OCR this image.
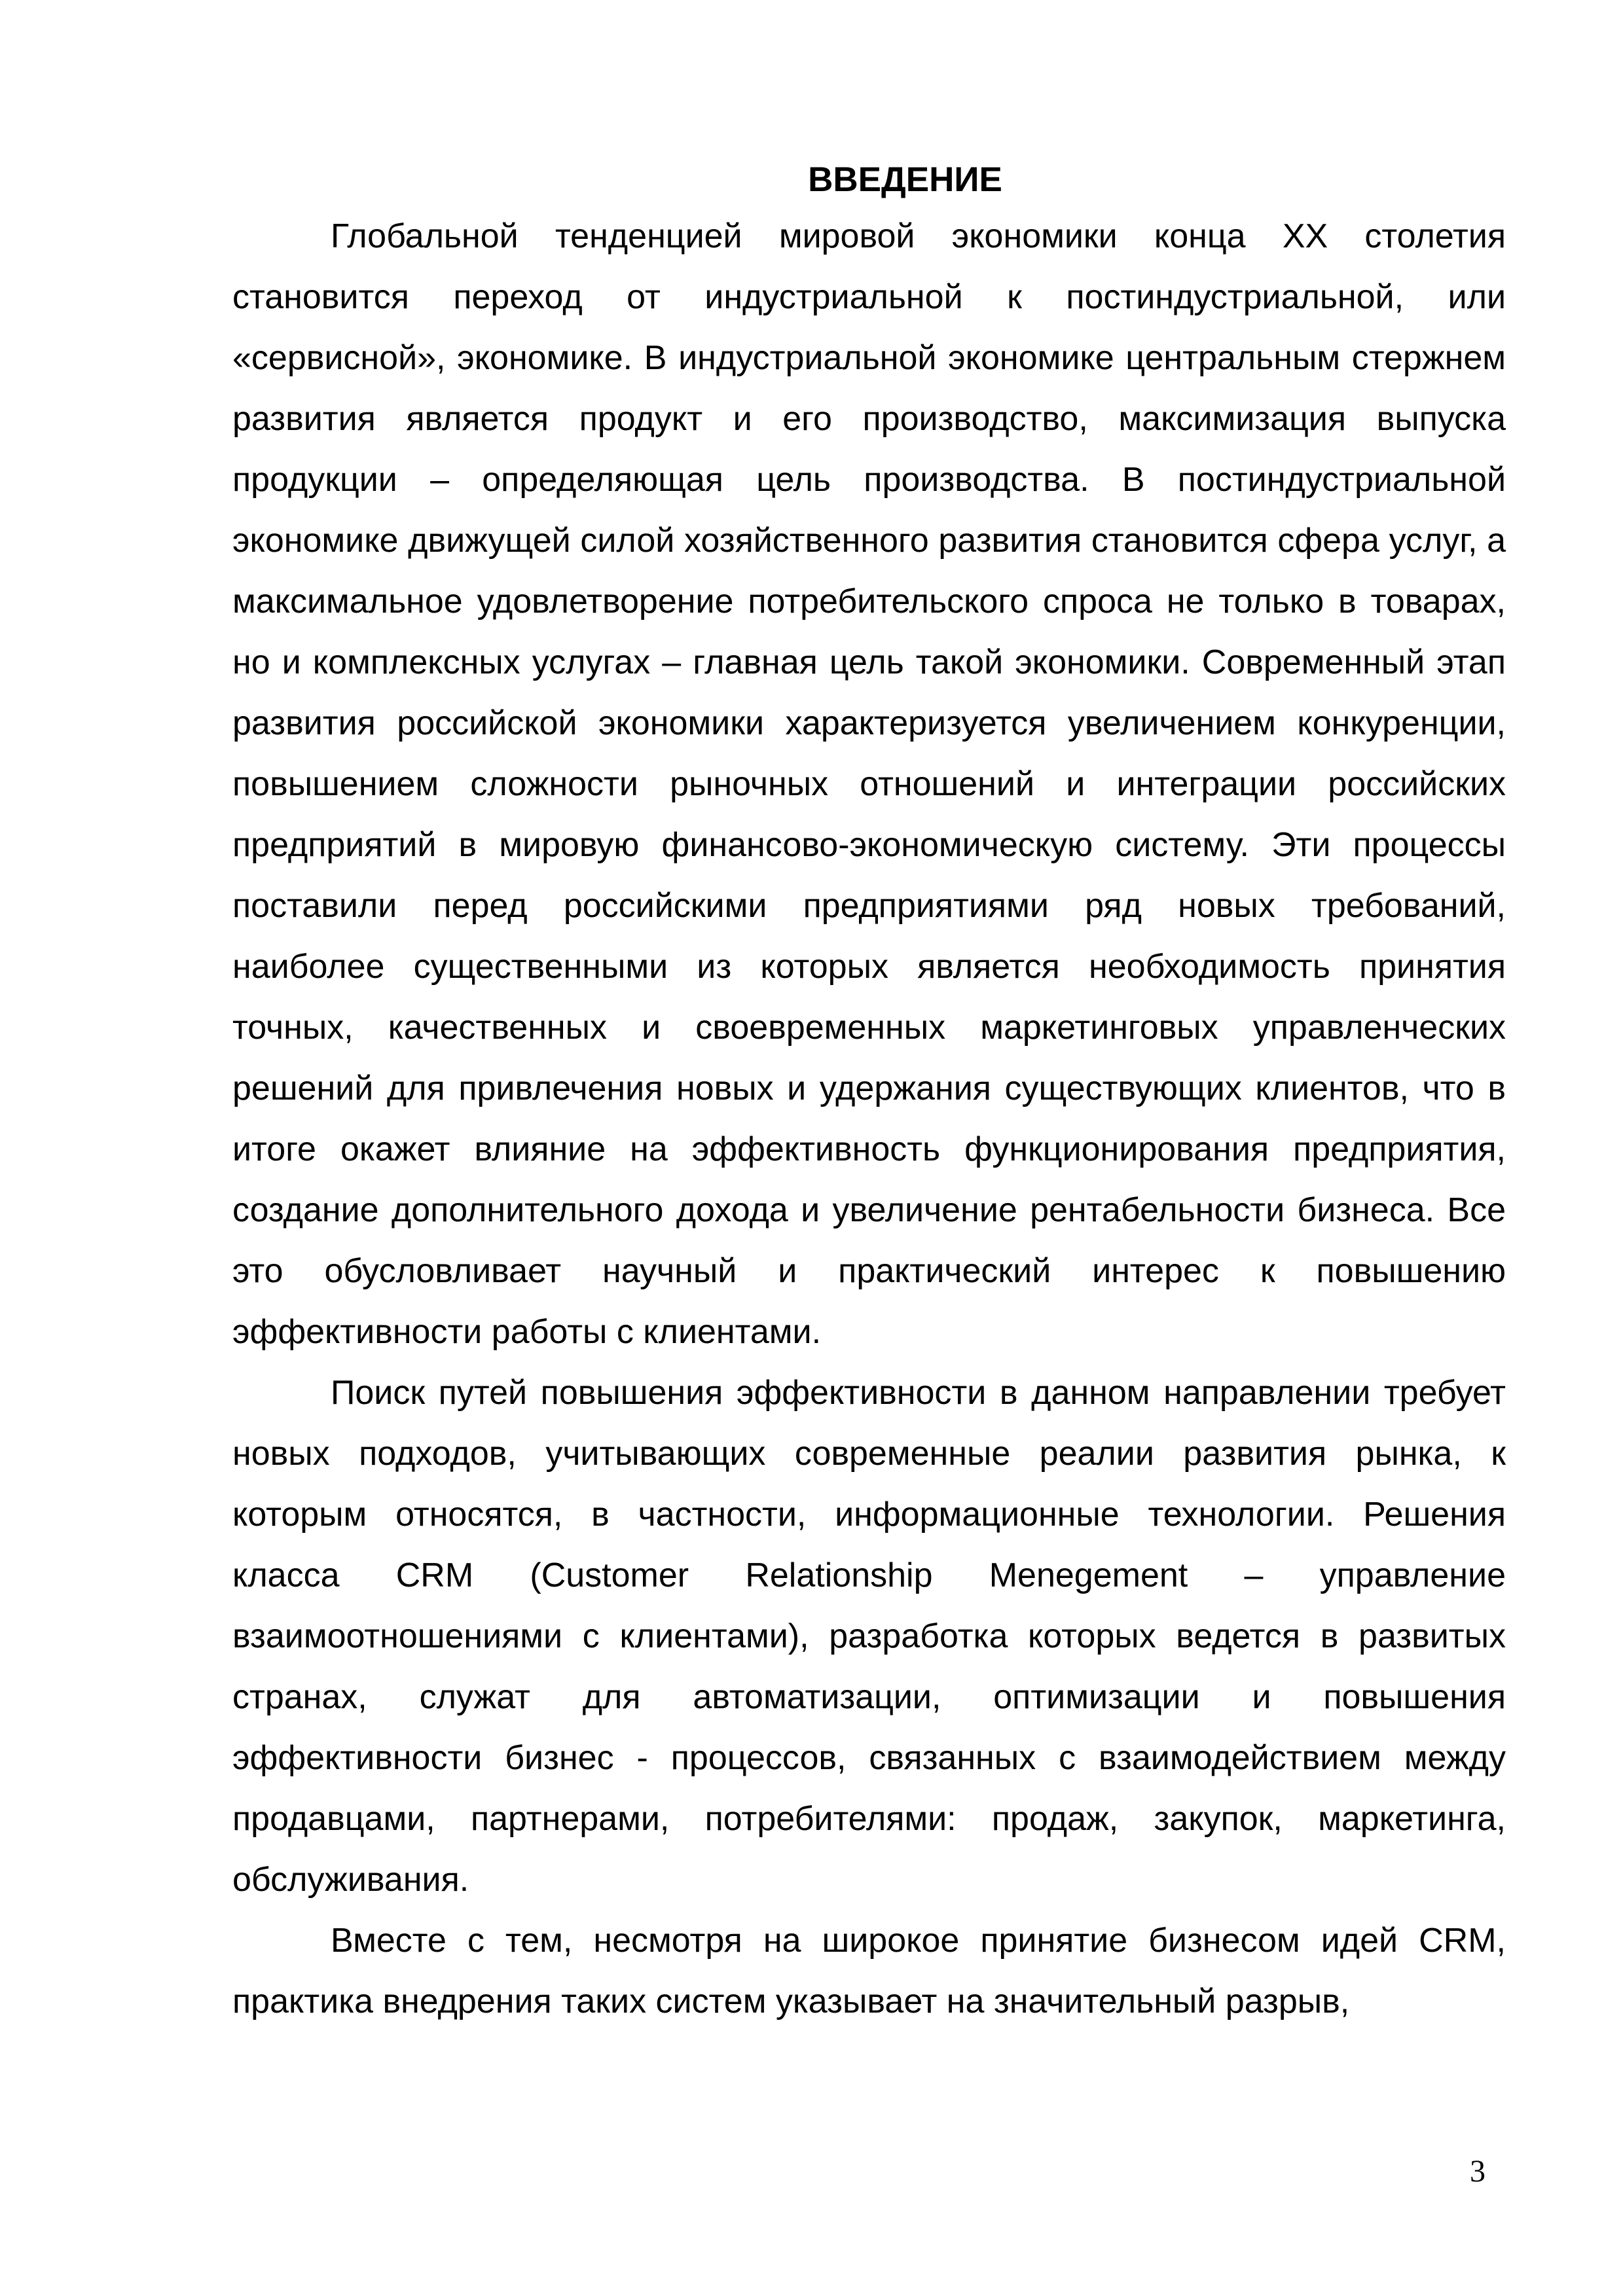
ВВЕДЕНИЕ

Глобальной тенденцией мировой экономики конца XX столетия становится переход от индустриальной к постиндустриальной, или «сервисной», экономике. В индустриальной экономике центральным стержнем развития является продукт и его производство, максимизация выпуска продукции – определяющая цель производства. В постиндустриальной экономике движущей силой хозяйственного развития становится сфера услуг, а максимальное удовлетворение потребительского спроса не только в товарах, но и комплексных услугах – главная цель такой экономики. Современный этап развития российской экономики характеризуется увеличением конкуренции, повышением сложности рыночных отношений и интеграции российских предприятий в мировую финансово-экономическую систему. Эти процессы поставили перед российскими предприятиями ряд новых требований, наиболее существенными из которых является необходимость принятия точных, качественных и своевременных маркетинговых управленческих решений для привлечения новых и удержания существующих клиентов, что в итоге окажет влияние на эффективность функционирования предприятия, создание дополнительного дохода и увеличение рентабельности бизнеса. Все это обусловливает научный и практический интерес к повышению эффективности работы с клиентами.

Поиск путей повышения эффективности в данном направлении требует новых подходов, учитывающих современные реалии развития рынка, к которым относятся, в частности, информационные технологии. Решения класса CRM (Customer Relationship Menegement – управление взаимоотношениями с клиентами), разработка которых ведется в развитых странах, служат для автоматизации, оптимизации и повышения эффективности бизнес - процессов, связанных с взаимодействием между продавцами, партнерами, потребителями: продаж, закупок, маркетинга, обслуживания.

Вместе с тем, несмотря на широкое принятие бизнесом идей CRM, практика внедрения таких систем указывает на значительный разрыв,

3
